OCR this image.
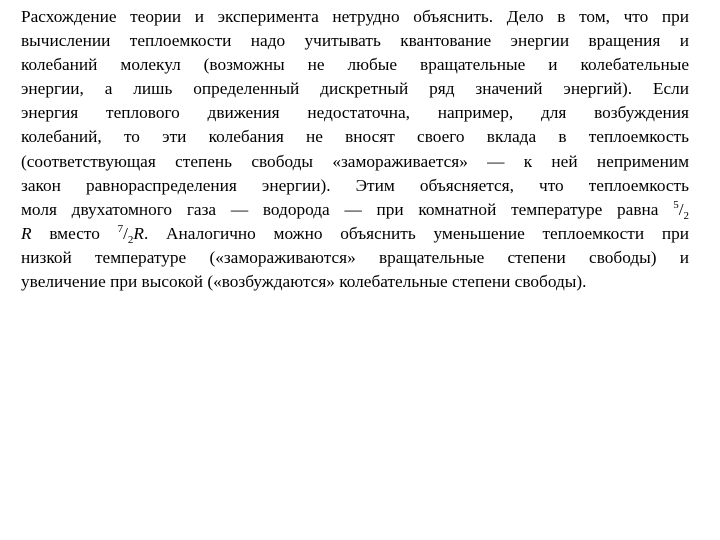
Расхождение теории и эксперимента нетрудно объяснить. Дело в том, что при
вычислении теплоемкости надо учитывать квантование энергии вращения и
колебаний молекул (возможны не любые вращательные и колебательные
энергии, а лишь определенный дискретный ряд значений энергий). Если
энергия теплового движения недостаточна, например, для возбуждения
колебаний, то эти колебания не вносят своего вклада в теплоемкость
(соответствующая степень свободы «замораживается» — к ней неприменим
закон равнораспределения энергии). Этим объясняется, что теплоемкость
моля двухатомного газа — водорода — при комнатной температуре равна $^5/_2$
R вместо $^7/_2R$. Аналогично можно объяснить уменьшение теплоемкости при
низкой температуре («замораживаются» вращательные степени свободы) и
увеличение при высокой («возбуждаются» колебательные степени свободы).
